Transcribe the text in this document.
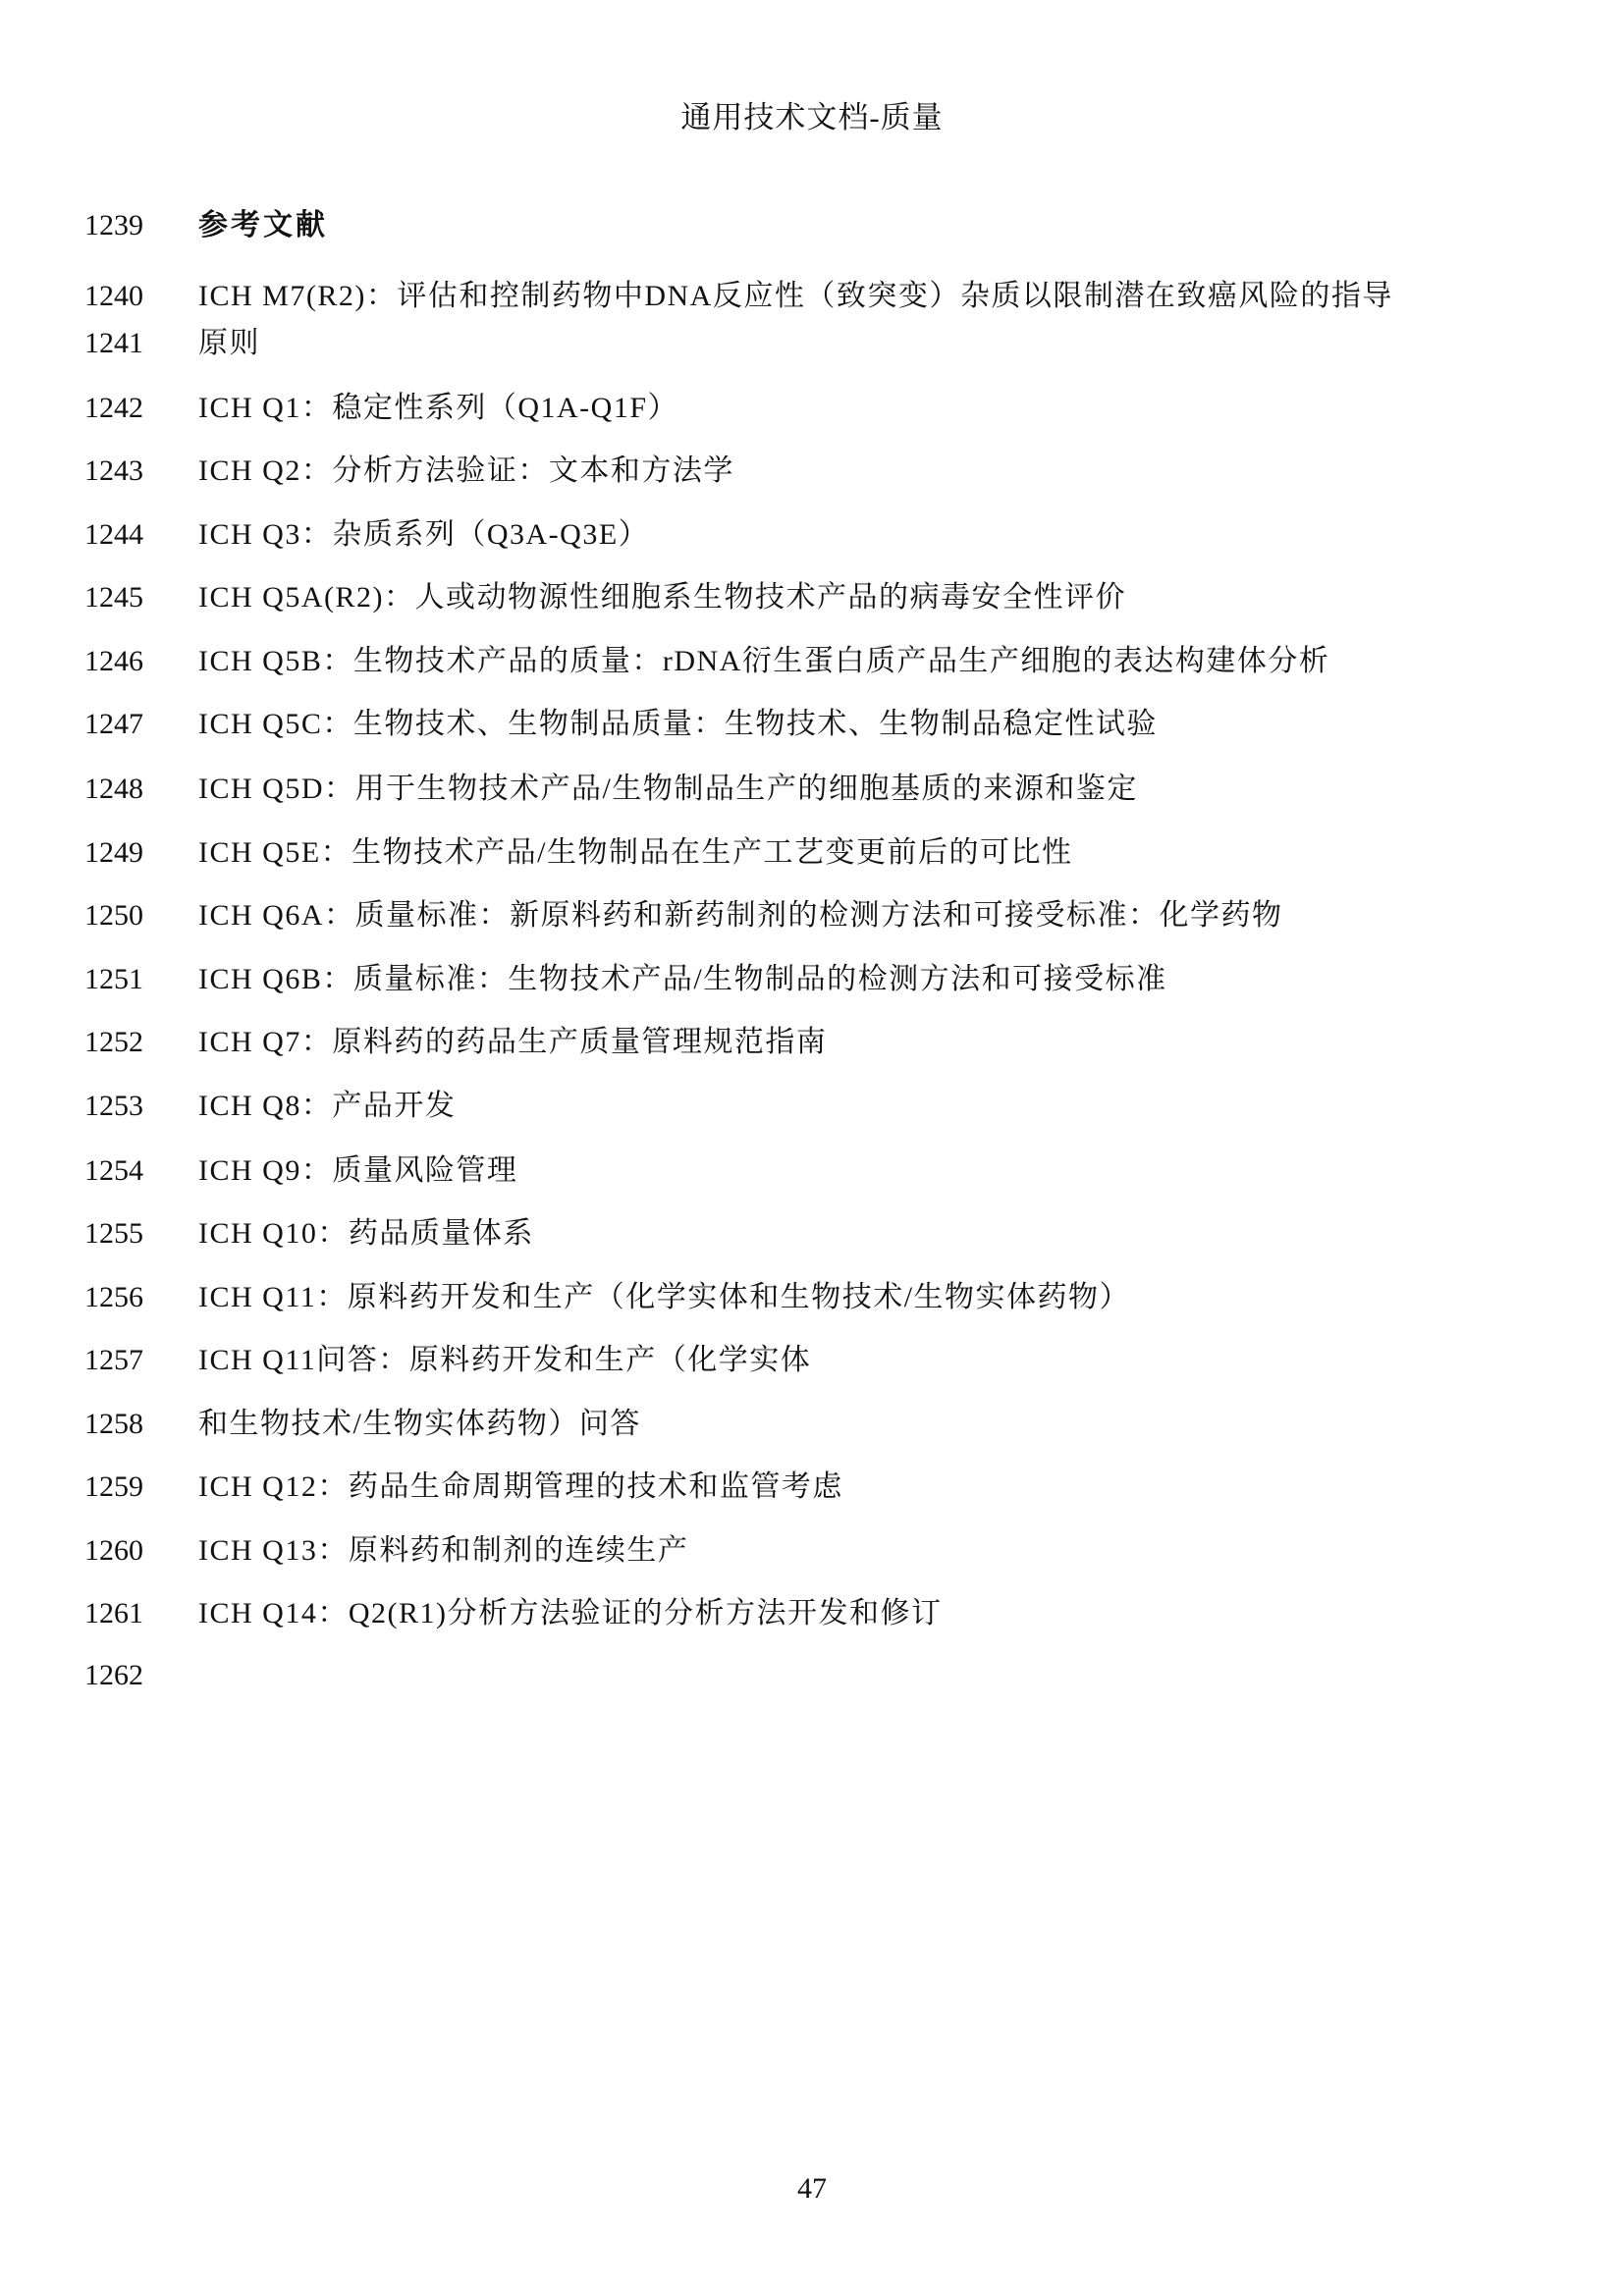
通用技术文档-质量
1239	参考文献
1240	ICH M7(R2)：评估和控制药物中DNA反应性（致突变）杂质以限制潜在致癌风险的指导
1241	原则
1242	ICH Q1：稳定性系列（Q1A-Q1F）
1243	ICH Q2：分析方法验证：文本和方法学
1244	ICH Q3：杂质系列（Q3A-Q3E）
1245	ICH Q5A(R2)：人或动物源性细胞系生物技术产品的病毒安全性评价
1246	ICH Q5B：生物技术产品的质量：rDNA衍生蛋白质产品生产细胞的表达构建体分析
1247	ICH Q5C：生物技术、生物制品质量：生物技术、生物制品稳定性试验
1248	ICH Q5D：用于生物技术产品/生物制品生产的细胞基质的来源和鉴定
1249	ICH Q5E：生物技术产品/生物制品在生产工艺变更前后的可比性
1250	ICH Q6A：质量标准：新原料药和新药制剂的检测方法和可接受标准：化学药物
1251	ICH Q6B：质量标准：生物技术产品/生物制品的检测方法和可接受标准
1252	ICH Q7：原料药的药品生产质量管理规范指南
1253	ICH Q8：产品开发
1254	ICH Q9：质量风险管理
1255	ICH Q10：药品质量体系
1256	ICH Q11：原料药开发和生产（化学实体和生物技术/生物实体药物）
1257	ICH Q11问答：原料药开发和生产（化学实体
1258	和生物技术/生物实体药物）问答
1259	ICH Q12：药品生命周期管理的技术和监管考虑
1260	ICH Q13：原料药和制剂的连续生产
1261	ICH Q14：Q2(R1)分析方法验证的分析方法开发和修订
1262
47
